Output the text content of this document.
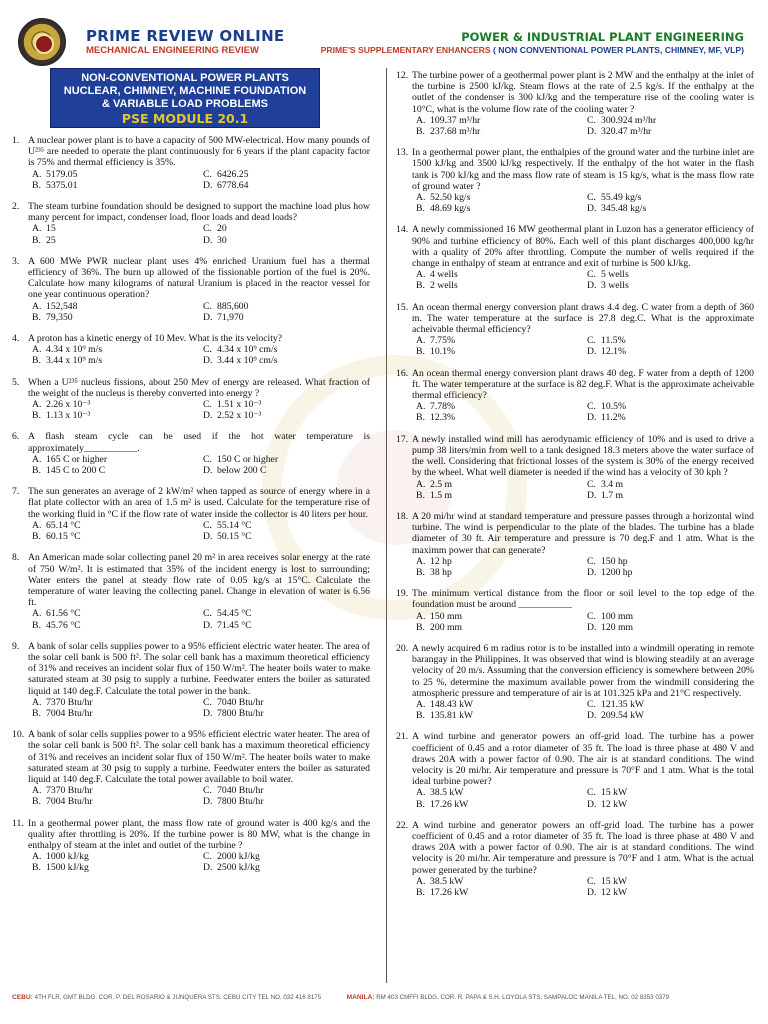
PRIME REVIEW ONLINE
MECHANICAL ENGINEERING REVIEW
POWER & INDUSTRIAL PLANT ENGINEERING
PRIME'S SUPPLEMENTARY ENHANCERS ( NON CONVENTIONAL POWER PLANTS, CHIMNEY, MF, VLP)
NON-CONVENTIONAL POWER PLANTS
NUCLEAR, CHIMNEY, MACHINE FOUNDATION
& VARIABLE LOAD PROBLEMS
PSE MODULE 20.1
1. A nuclear power plant is to have a capacity of 500 MW-electrical. How many pounds of U²³⁵ are needed to operate the plant continuously for 6 years if the plant capacity factor is 75% and thermal efficiency is 35%.
A. 5179.05	C. 6426.25
B. 5375.01	D. 6778.64
2. The steam turbine foundation should be designed to support the machine load plus how many percent for impact, condenser load, floor loads and dead loads?
A. 15	C. 20
B. 25	D. 30
3. A 600 MWe PWR nuclear plant uses 4% enriched Uranium fuel has a thermal efficiency of 36%. The burn up allowed of the fissionable portion of the fuel is 20%. Calculate how many kilograms of natural Uranium is placed in the reactor vessel for one year continuous operation?
A. 152,548	C. 885,600
B. 79,350	D. 71,970
4. A proton has a kinetic energy of 10 Mev. What is the its velocity?
A. 4.34 x 10⁹ m/s	C. 4.34 x 10⁹ cm/s
B. 3.44 x 10⁹ m/s	D. 3.44 x 10⁹ cm/s
5. When a U²³⁵ nucleus fissions, about 250 Mev of energy are released. What fraction of the weight of the nucleus is thereby converted into energy ?
A. 2.26 x 10⁻³	C. 1.51 x 10⁻³
B. 1.13 x 10⁻³	D. 2.52 x 10⁻³
6. A flash steam cycle can be used if the hot water temperature is approximately___________.
A. 165 C or higher	C. 150 C or higher
B. 145 C to 200 C	D. below 200 C
7. The sun generates an average of 2 kW/m² when tapped as source of energy where in a flat plate collector with an area of 1.5 m² is used. Calculate for the temperature rise of the working fluid in °C if the flow rate of water inside the collector is 40 liters per hour.
A. 65.14 °C	C. 55.14 °C
B. 60.15 °C	D. 50.15 °C
8. An American made solar collecting panel 20 m² in area receives solar energy at the rate of 750 W/m². It is estimated that 35% of the incident energy is lost to surrounding; Water enters the panel at steady flow rate of 0.05 kg/s at 15°C. Calculate the temperature of water leaving the collecting panel. Change in elevation of water is 6.56 ft.
A. 61.56 °C	C. 54.45 °C
B. 45.76 °C	D. 71.45 °C
9. A bank of solar cells supplies power to a 95% efficient electric water heater. The area of the solar cell bank is 500 ft². The solar cell bank has a maximum theoretical efficiency of 31% and receives an incident solar flux of 150 W/m². The heater boils water to make saturated steam at 30 psig to supply a turbine. Feedwater enters the boiler as saturated liquid at 140 deg.F. Calculate the total power in the bank.
A. 7370 Btu/hr	C. 7040 Btu/hr
B. 7004 Btu/hr	D. 7800 Btu/hr
10. A bank of solar cells supplies power to a 95% efficient electric water heater. The area of the solar cell bank is 500 ft². The solar cell bank has a maximum theoretical efficiency of 31% and receives an incident solar flux of 150 W/m². The heater boils water to make saturated steam at 30 psig to supply a turbine. Feedwater enters the boiler as saturated liquid at 140 deg.F. Calculate the total power available to boil water.
A. 7370 Btu/hr	C. 7040 Btu/hr
B. 7004 Btu/hr	D. 7800 Btu/hr
11. In a geothermal power plant, the mass flow rate of ground water is 400 kg/s and the quality after throttling is 20%. If the turbine power is 80 MW, what is the change in enthalpy of steam at the inlet and outlet of the turbine ?
A. 1000 kJ/kg	C. 2000 kJ/kg
B. 1500 kJ/kg	D. 2500 kJ/kg
12. The turbine power of a geothermal power plant is 2 MW and the enthalpy at the inlet of the turbine is 2500 kJ/kg. Steam flows at the rate of 2.5 kg/s. If the enthalpy at the outlet of the condenser is 300 kJ/kg and the temperature rise of the cooling water is 10°C, what is the volume flow rate of the cooling water ?
A. 109.37 m³/hr	C. 300.924 m³/hr
B. 237.68 m³/hr	D. 320.47 m³/hr
13. In a geothermal power plant, the enthalpies of the ground water and the turbine inlet are 1500 kJ/kg and 3500 kJ/kg respectively. If the enthalpy of the hot water in the flash tank is 700 kJ/kg and the mass flow rate of steam is 15 kg/s, what is the mass flow rate of ground water ?
A. 52.50 kg/s	C. 55.49 kg/s
B. 48.69 kg/s	D. 345.48 kg/s
14. A newly commissioned 16 MW geothermal plant in Luzon has a generator efficiency of 90% and turbine efficiency of 80%. Each well of this plant discharges 400,000 kg/hr with a quality of 20% after throttling. Compute the number of wells required if the change in enthalpy of steam at entrance and exit of turbine is 500 kJ/kg.
A. 4 wells	C. 5 wells
B. 2 wells	D. 3 wells
15. An ocean thermal energy conversion plant draws 4.4 deg. C water from a depth of 360 m. The water temperature at the surface is 27.8 deg.C. What is the approximate acheivable thermal efficiency?
A. 7.75%	C. 11.5%
B. 10.1%	D. 12.1%
16. An ocean thermal energy conversion plant draws 40 deg. F water from a depth of 1200 ft. The water temperature at the surface is 82 deg.F. What is the approximate acheivable thermal efficiency?
A. 7.78%	C. 10.5%
B. 12.3%	D. 11.2%
17. A newly installed wind mill has aerodynamic efficiency of 10% and is used to drive a pump 38 liters/min from well to a tank designed 18.3 meters above the water surface of the well. Considering that frictional losses of the system is 30% of the energy received by the wheel. What well diameter is needed if the wind has a velocity of 30 kph ?
A. 2.5 m	C. 3.4 m
B. 1.5 m	D. 1.7 m
18. A 20 mi/hr wind at standard temperature and pressure passes through a horizontal wind turbine. The wind is perpendicular to the plate of the blades. The turbine has a blade diameter of 30 ft. Air temperature and pressure is 70 deg.F and 1 atm. What is the maximm power that can generate?
A. 12 hp	C. 150 hp
B. 38 hp	D. 1200 hp
19. The minimum vertical distance from the floor or soil level to the top edge of the foundation must be around ___________
A. 150 mm	C. 100 mm
B. 200 mm	D. 120 mm
20. A newly acquired 6 m radius rotor is to be installed into a windmill operating in remote barangay in the Philippines. It was observed that wind is blowing steadily at an average velocity of 20 m/s. Assuming that the conversion efficiency is somewhere between 20% to 25 %, determine the maximum available power from the windmill considering the atmospheric pressure and temperature of air is at 101.325 kPa and 21°C respectively.
A. 148.43 kW	C. 121.35 kW
B. 135.81 kW	D. 209.54 kW
21. A wind turbine and generator powers an off-grid load. The turbine has a power coefficient of 0.45 and a rotor diameter of 35 ft. The load is three phase at 480 V and draws 20A with a power factor of 0.90. The air is at standard conditions. The wind velocity is 20 mi/hr. Air temperature and pressure is 70°F and 1 atm. What is the total ideal turbine power?
A. 38.5 kW	C. 15 kW
B. 17.26 kW	D. 12 kW
22. A wind turbine and generator powers an off-grid load. The turbine has a power coefficient of 0.45 and a rotor diameter of 35 ft. The load is three phase at 480 V and draws 20A with a power factor of 0.90. The air is at standard conditions. The wind velocity is 20 mi/hr. Air temperature and pressure is 70°F and 1 atm. What is the actual power generated by the turbine?
A. 38.5 kW	C. 15 kW
B. 17.26 kW	D. 12 kW
CEBU: 4TH FLR. GMT BLDG. COR. P. DEL ROSARIO & JUNQUERA STS. CEBU CITY TEL NO. 032 416 8175	MANILA: RM 403 CMFFI BLDG. COR. R. PAPA & S.H. LOYOLA STS. SAMPALOC MANILA TEL. NO. 02 8353 0379
